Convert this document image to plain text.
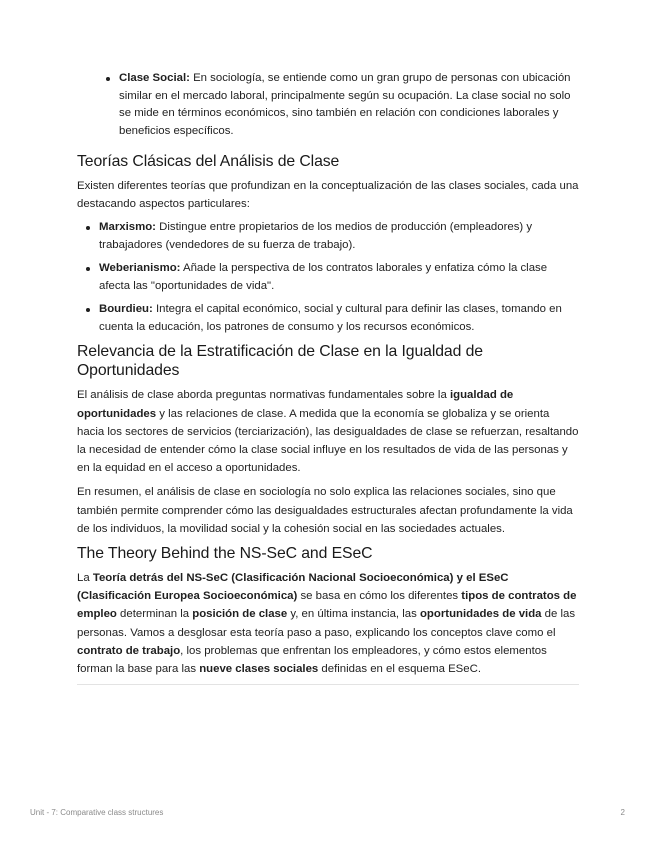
Clase Social: En sociología, se entiende como un gran grupo de personas con ubicación similar en el mercado laboral, principalmente según su ocupación. La clase social no solo se mide en términos económicos, sino también en relación con condiciones laborales y beneficios específicos.
Teorías Clásicas del Análisis de Clase

Existen diferentes teorías que profundizan en la conceptualización de las clases sociales, cada una destacando aspectos particulares:

Marxismo: Distingue entre propietarios de los medios de producción (empleadores) y trabajadores (vendedores de su fuerza de trabajo).
Weberianismo: Añade la perspectiva de los contratos laborales y enfatiza cómo la clase afecta las "oportunidades de vida".
Bourdieu: Integra el capital económico, social y cultural para definir las clases, tomando en cuenta la educación, los patrones de consumo y los recursos económicos.
Relevancia de la Estratificación de Clase en la Igualdad de Oportunidades

El análisis de clase aborda preguntas normativas fundamentales sobre la igualdad de oportunidades y las relaciones de clase. A medida que la economía se globaliza y se orienta hacia los sectores de servicios (terciarización), las desigualdades de clase se refuerzan, resaltando la necesidad de entender cómo la clase social influye en los resultados de vida de las personas y en la equidad en el acceso a oportunidades.

En resumen, el análisis de clase en sociología no solo explica las relaciones sociales, sino que también permite comprender cómo las desigualdades estructurales afectan profundamente la vida de los individuos, la movilidad social y la cohesión social en las sociedades actuales.

The Theory Behind the NS-SeC and ESeC

La Teoría detrás del NS-SeC (Clasificación Nacional Socioeconómica) y el ESeC (Clasificación Europea Socioeconómica) se basa en cómo los diferentes tipos de contratos de empleo determinan la posición de clase y, en última instancia, las oportunidades de vida de las personas. Vamos a desglosar esta teoría paso a paso, explicando los conceptos clave como el contrato de trabajo, los problemas que enfrentan los empleadores, y cómo estos elementos forman la base para las nueve clases sociales definidas en el esquema ESeC.

Unit - 7: Comparative class structures	2
